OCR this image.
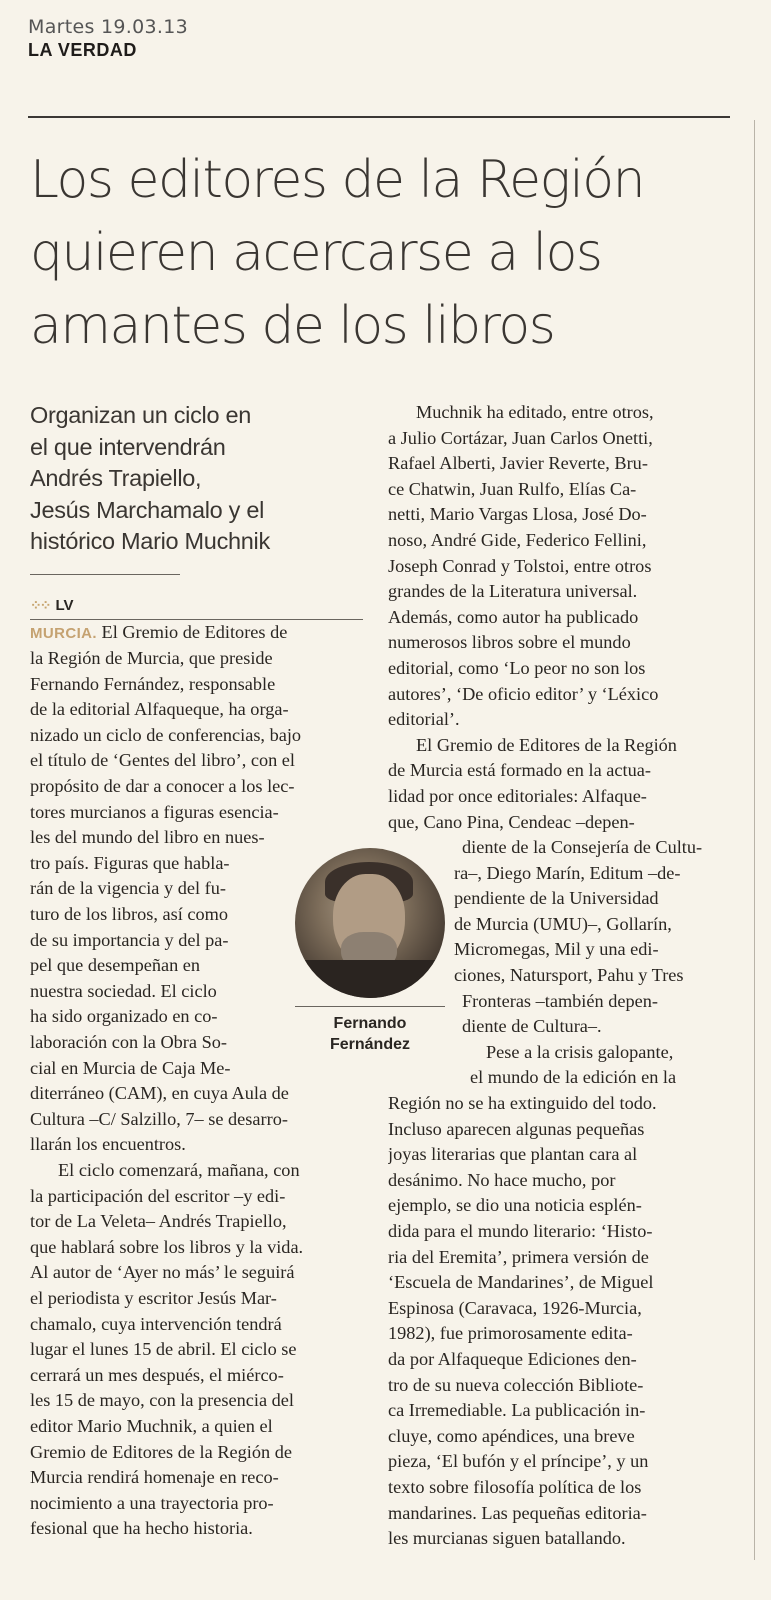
Martes 19.03.13
LA VERDAD
Los editores de la Región
quieren acercarse a los
amantes de los libros

Organizan un ciclo en
el que intervendrán
Andrés Trapiello,
Jesús Marchamalo y el
histórico Mario Muchnik

⁘⁘ LV
MURCIA. El Gremio de Editores de
la Región de Murcia, que preside
Fernando Fernández, responsable
de la editorial Alfaqueque, ha orga-
nizado un ciclo de conferencias, bajo
el título de ‘Gentes del libro’, con el
propósito de dar a conocer a los lec-
tores murcianos a figuras esencia-
les del mundo del libro en nues-
tro país. Figuras que habla-
rán de la vigencia y del fu-
turo de los libros, así como
de su importancia y del pa-
pel que desempeñan en
nuestra sociedad. El ciclo
ha sido organizado en co-
laboración con la Obra So-
cial en Murcia de Caja Me-
diterráneo (CAM), en cuya Aula de
Cultura –C/ Salzillo, 7– se desarro-
llarán los encuentros.
El ciclo comenzará, mañana, con
la participación del escritor –y edi-
tor de La Veleta– Andrés Trapiello,
que hablará sobre los libros y la vida.
Al autor de ‘Ayer no más’ le seguirá
el periodista y escritor Jesús Mar-
chamalo, cuya intervención tendrá
lugar el lunes 15 de abril. El ciclo se
cerrará un mes después, el miérco-
les 15 de mayo, con la presencia del
editor Mario Muchnik, a quien el
Gremio de Editores de la Región de
Murcia rendirá homenaje en reco-
nocimiento a una trayectoria pro-
fesional que ha hecho historia.
Fernando
Fernández
Muchnik ha editado, entre otros,
a Julio Cortázar, Juan Carlos Onetti,
Rafael Alberti, Javier Reverte, Bru-
ce Chatwin, Juan Rulfo, Elías Ca-
netti, Mario Vargas Llosa, José Do-
noso, André Gide, Federico Fellini,
Joseph Conrad y Tolstoi, entre otros
grandes de la Literatura universal.
Además, como autor ha publicado
numerosos libros sobre el mundo
editorial, como ‘Lo peor no son los
autores’, ‘De oficio editor’ y ‘Léxico
editorial’.
El Gremio de Editores de la Región
de Murcia está formado en la actua-
lidad por once editoriales: Alfaque-
que, Cano Pina, Cendeac –depen-
diente de la Consejería de Cultu-
ra–, Diego Marín, Editum –de-
pendiente de la Universidad
de Murcia (UMU)–, Gollarín,
Micromegas, Mil y una edi-
ciones, Natursport, Pahu y Tres
Fronteras –también depen-
diente de Cultura–.
Pese a la crisis galopante,
el mundo de la edición en la
Región no se ha extinguido del todo.
Incluso aparecen algunas pequeñas
joyas literarias que plantan cara al
desánimo. No hace mucho, por
ejemplo, se dio una noticia esplén-
dida para el mundo literario: ‘Histo-
ria del Eremita’, primera versión de
‘Escuela de Mandarines’, de Miguel
Espinosa (Caravaca, 1926-Murcia,
1982), fue primorosamente edita-
da por Alfaqueque Ediciones den-
tro de su nueva colección Bibliote-
ca Irremediable. La publicación in-
cluye, como apéndices, una breve
pieza, ‘El bufón y el príncipe’, y un
texto sobre filosofía política de los
mandarines. Las pequeñas editoria-
les murcianas siguen batallando.
